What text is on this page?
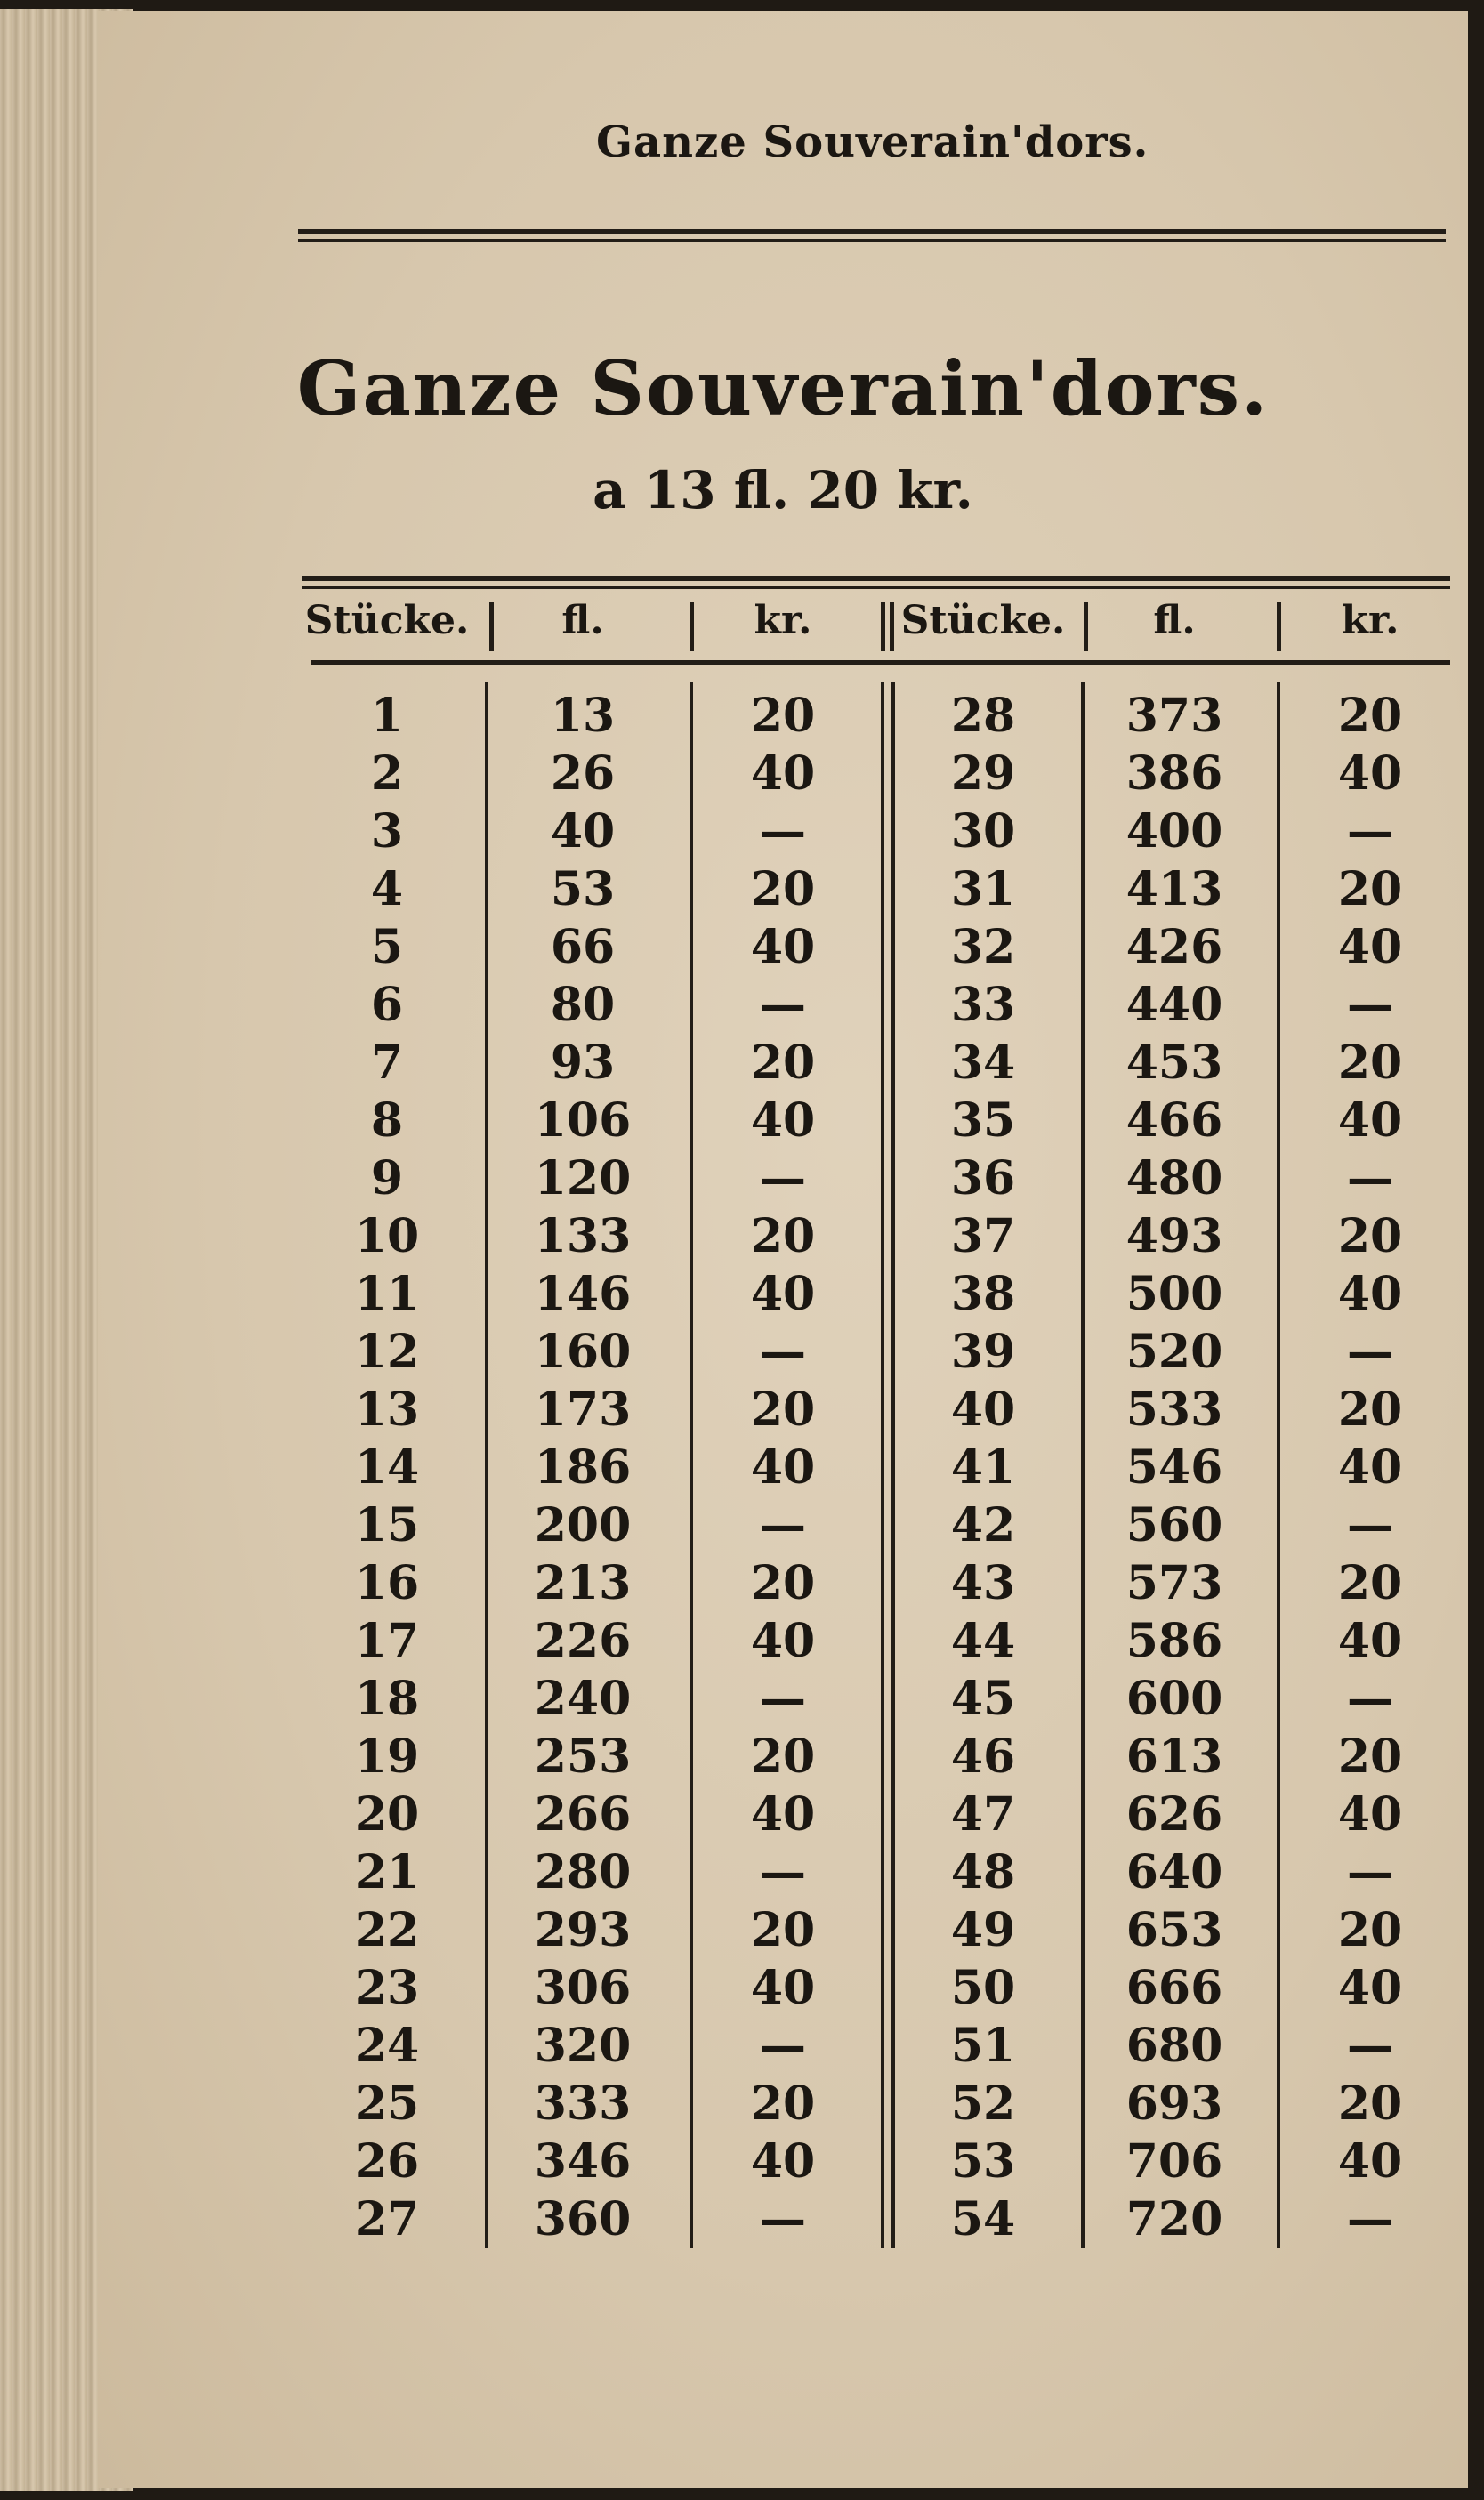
Ganze Souverain'dors.
Ganze Souverain'dors.
a 13 fl. 20 kr.
Stücke.	fl.	kr.	Stücke.	fl.	kr.
1	13	20	28	373	20
2	26	40	29	386	40
3	40	—	30	400	—
4	53	20	31	413	20
5	66	40	32	426	40
6	80	—	33	440	—
7	93	20	34	453	20
8	106	40	35	466	40
9	120	—	36	480	—
10	133	20	37	493	20
11	146	40	38	500	40
12	160	—	39	520	—
13	173	20	40	533	20
14	186	40	41	546	40
15	200	—	42	560	—
16	213	20	43	573	20
17	226	40	44	586	40
18	240	—	45	600	—
19	253	20	46	613	20
20	266	40	47	626	40
21	280	—	48	640	—
22	293	20	49	653	20
23	306	40	50	666	40
24	320	—	51	680	—
25	333	20	52	693	20
26	346	40	53	706	40
27	360	—	54	720	—
